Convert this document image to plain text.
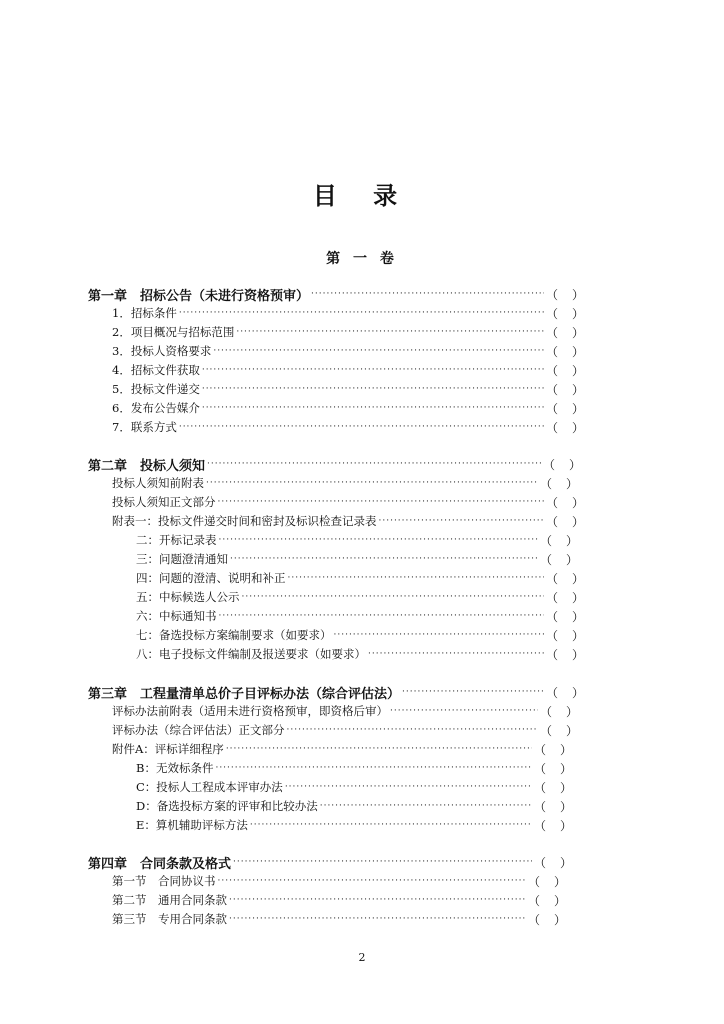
目 录
第 一 卷
第一章　招标公告（未进行资格预审） ·····	（ ）
1．招标条件 ·····	（ ）
2．项目概况与招标范围 ·····	（ ）
3．投标人资格要求 ·····	（ ）
4．招标文件获取 ·····	（ ）
5．投标文件递交 ·····	（ ）
6．发布公告媒介 ·····	（ ）
7．联系方式 ·····	（ ）
第二章　投标人须知 ·····	（ ）
投标人须知前附表 ·····	（ ）
投标人须知正文部分 ·····	（ ）
附表一：投标文件递交时间和密封及标识检查记录表 ·····	（ ）
二：开标记录表 ·····	（ ）
三：问题澄清通知 ·····	（ ）
四：问题的澄清、说明和补正 ·····	（ ）
五：中标候选人公示 ·····	（ ）
六：中标通知书 ·····	（ ）
七：备选投标方案编制要求（如要求） ·····	（ ）
八：电子投标文件编制及报送要求（如要求） ·····	（ ）
第三章　工程量清单总价子目评标办法（综合评估法） ·····	（ ）
评标办法前附表（适用未进行资格预审，即资格后审） ·····	（ ）
评标办法（综合评估法）正文部分 ·····	（ ）
附件A：评标详细程序 ·····	（ ）
B：无效标条件 ·····	（ ）
C：投标人工程成本评审办法 ·····	（ ）
D：备选投标方案的评审和比较办法 ·····	（ ）
E：算机辅助评标方法 ·····	（ ）
第四章　合同条款及格式 ·····	（ ）
第一节　合同协议书 ·····	（ ）
第二节　通用合同条款 ·····	（ ）
第三节　专用合同条款 ·····	（ ）
2
